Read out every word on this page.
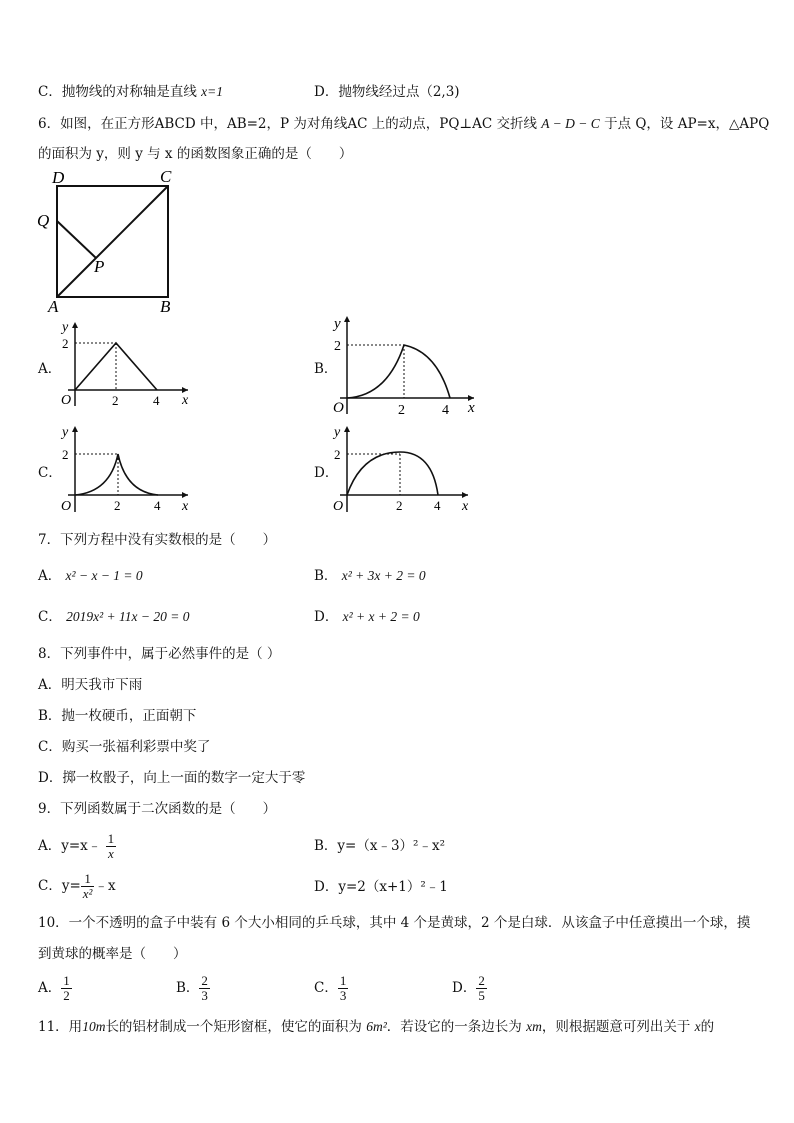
C．抛物线的对称轴是直线 x=1	D．抛物线经过点（2,3)
6．如图，在正方形ABCD 中，AB=2，P 为对角线AC 上的动点，PQ⊥AC 交折线 A − D − C 于点 Q，设 AP=x，△APQ
的面积为 y，则 y 与 x 的函数图象正确的是（　　）
D	C
Q
P
A	B
A．	B．
C．	D．
y
2
O	2	4 x
y
2
O	2	4 x
y
2
O	2	4 x
y
2
O	2 4 x
7．下列方程中没有实数根的是（　　）
A． x² − x − 1 = 0	B． x² + 3x + 2 = 0
C． 2019x² + 11x − 20 = 0	D． x² + x + 2 = 0
8．下列事件中，属于必然事件的是（ ）
A．明天我市下雨
B．抛一枚硬币，正面朝下
C．购买一张福利彩票中奖了
D．掷一枚骰子，向上一面的数字一定大于零
9．下列函数属于二次函数的是（　　）
A．y=x﹣ $\frac{1}{x}$	B．y=（x﹣3）²﹣x²
C．$y= \frac{1}{\text{x²}}$ ﹣x	D．y=2（x+1）²﹣1
10．一个不透明的盒子中装有 6 个大小相同的乒乓球，其中 4 个是黄球，2 个是白球．从该盒子中任意摸出一个球，摸
到黄球的概率是（　　）
A． $\frac{1}{2}$	B． $\frac{2}{3}$	C． $\frac{1}{3}$	D． $\frac{2}{5}$
11．用10m长的铝材制成一个矩形窗框，使它的面积为 6m²．若设它的一条边长为 xm，则根据题意可列出关于 x的
